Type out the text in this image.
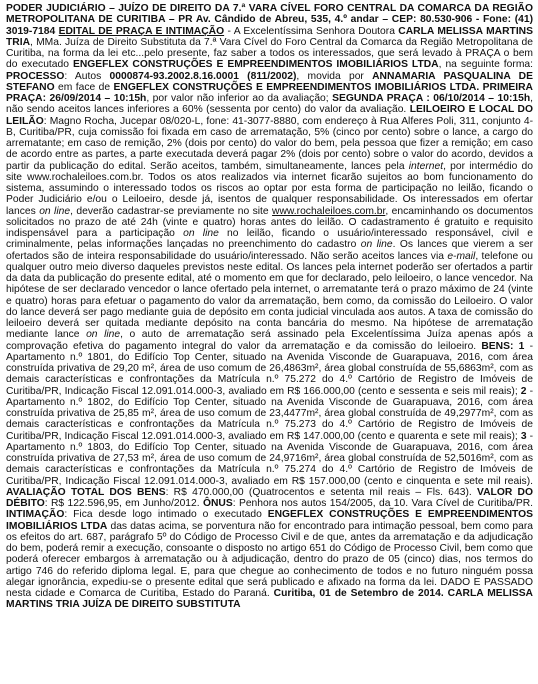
PODER JUDICIÁRIO – JUÍZO DE DIREITO DA 7.ª VARA CÍVEL FORO CENTRAL DA COMARCA DA REGIÃO METROPOLITANA DE CURITIBA – PR Av. Cândido de Abreu, 535, 4.º andar – CEP: 80.530-906 - Fone: (41) 3019-7184 EDITAL DE PRAÇA E INTIMAÇÃO - A Excelentíssima Senhora Doutora CARLA MELISSA MARTINS TRIA, MMa. Juíza de Direito Substituta da 7.ª Vara Cível do Foro Central da Comarca da Região Metropolitana de Curitiba, na forma da lei etc...pelo presente, faz saber a todos os interessados, que será levado à PRAÇA o bem do executado ENGEFLEX CONSTRUÇÕES E EMPREENDIMENTOS IMOBILIÁRIOS LTDA, na seguinte forma: PROCESSO: Autos 0000874-93.2002.8.16.0001 (811/2002), movida por ANNAMARIA PASQUALINA DE STEFANO em face de ENGEFLEX CONSTRUÇÕES E EMPREENDIMENTOS IMOBILIÁRIOS LTDA. PRIMEIRA PRAÇA: 26/09/2014 – 10:15h, por valor não inferior ao da avaliação; SEGUNDA PRAÇA : 06/10/2014 – 10:15h, não sendo aceitos lances inferiores a 60% (sessenta por cento) do valor da avaliação. LEILOEIRO E LOCAL DO LEILÃO: Magno Rocha, Jucepar 08/020-L, fone: 41-3077-8880, com endereço à Rua Alferes Poli, 311, conjunto 4-B, Curitiba/PR, cuja comissão foi fixada em caso de arrematação, 5% (cinco por cento) sobre o lance, a cargo do arrematante; em caso de remição, 2% (dois por cento) do valor do bem, pela pessoa que fizer a remição; em caso de acordo entre as partes, a parte executada deverá pagar 2% (dois por cento) sobre o valor do acordo, devidos a partir da publicação do edital. Serão aceitos, também, simultaneamente, lances pela internet, por intermédio do site www.rochaleiloes.com.br. Todos os atos realizados via internet ficarão sujeitos ao bom funcionamento do sistema, assumindo o interessado todos os riscos ao optar por esta forma de participação no leilão, ficando o Poder Judiciário e/ou o Leiloeiro, desde já, isentos de qualquer responsabilidade. Os interessados em ofertar lances on line, deverão cadastrar-se previamente no site www.rochaleiloes.com.br, encaminhando os documentos solicitados no prazo de até 24h (vinte e quatro) horas antes do leilão. O cadastramento é gratuito e requisito indispensável para a participação on line no leilão, ficando o usuário/interessado responsável, civil e criminalmente, pelas informações lançadas no preenchimento do cadastro on line. Os lances que vierem a ser ofertados são de inteira responsabilidade do usuário/interessado. Não serão aceitos lances via e-mail, telefone ou qualquer outro meio diverso daqueles previstos neste edital. Os lances pela internet poderão ser ofertados a partir da data da publicação do presente edital, até o momento em que for declarado, pelo leiloeiro, o lance vencedor. Na hipótese de ser declarado vencedor o lance ofertado pela internet, o arrematante terá o prazo máximo de 24 (vinte e quatro) horas para efetuar o pagamento do valor da arrematação, bem como, da comissão do Leiloeiro. O valor do lance deverá ser pago mediante guia de depósito em conta judicial vinculada aos autos. A taxa de comissão do leiloeiro deverá ser quitada mediante depósito na conta bancária do mesmo. Na hipótese de arrematação mediante lance on line, o auto de arrematação será assinado pela Excelentíssima Juíza apenas após a comprovação efetiva do pagamento integral do valor da arrematação e da comissão do leiloeiro. BENS: 1 - Apartamento n.º 1801, do Edifício Top Center, situado na Avenida Visconde de Guarapuava, 2016, com área construída privativa de 29,20 m², área de uso comum de 26,4863m², área global construída de 55,6863m², com as demais características e confrontações da Matrícula n.º 75.272 do 4.º Cartório de Registro de Imóveis de Curitiba/PR, Indicação Fiscal 12.091.014.000-3, avaliado em R$ 166.000,00 (cento e sessenta e seis mil reais); 2 - Apartamento n.º 1802, do Edifício Top Center, situado na Avenida Visconde de Guarapuava, 2016, com área construída privativa de 25,85 m², área de uso comum de 23,4477m², área global construída de 49,2977m², com as demais características e confrontações da Matrícula n.º 75.273 do 4.º Cartório de Registro de Imóveis de Curitiba/PR, Indicação Fiscal 12.091.014.000-3, avaliado em R$ 147.000,00 (cento e quarenta e sete mil reais); 3 - Apartamento n.º 1803, do Edifício Top Center, situado na Avenida Visconde de Guarapuava, 2016, com área construída privativa de 27,53 m², área de uso comum de 24,9716m², área global construída de 52,5016m², com as demais características e confrontações da Matrícula n.º 75.274 do 4.º Cartório de Registro de Imóveis de Curitiba/PR, Indicação Fiscal 12.091.014.000-3, avaliado em R$ 157.000,00 (cento e cinquenta e sete mil reais). AVALIAÇÃO TOTAL DOS BENS: R$ 470.000,00 (Quatrocentos e setenta mil reais – Fls. 643). VALOR DO DÉBITO: R$ 122.596,95, em Junho/2012. ÔNUS: Penhora nos autos 154/2005, da 10. Vara Cível de Curitiba/PR. INTIMAÇÃO: Fica desde logo intimado o executado ENGEFLEX CONSTRUÇÕES E EMPREENDIMENTOS IMOBILIÁRIOS LTDA das datas acima, se porventura não for encontrado para intimação pessoal, bem como para os efeitos do art. 687, parágrafo 5º do Código de Processo Civil e de que, antes da arrematação e da adjudicação do bem, poderá remir a execução, consoante o disposto no artigo 651 do Código de Processo Civil, bem como que poderá oferecer embargos à arrematação ou à adjudicação, dentro do prazo de 05 (cinco) dias, nos termos do artigo 746 do referido diploma legal. E, para que chegue ao conhecimento de todos e no futuro ninguém possa alegar ignorância, expediu-se o presente edital que será publicado e afixado na forma da lei. DADO E PASSADO nesta cidade e Comarca de Curitiba, Estado do Paraná. Curitiba, 01 de Setembro de 2014. CARLA MELISSA MARTINS TRIA JUÍZA DE DIREITO SUBSTITUTA
